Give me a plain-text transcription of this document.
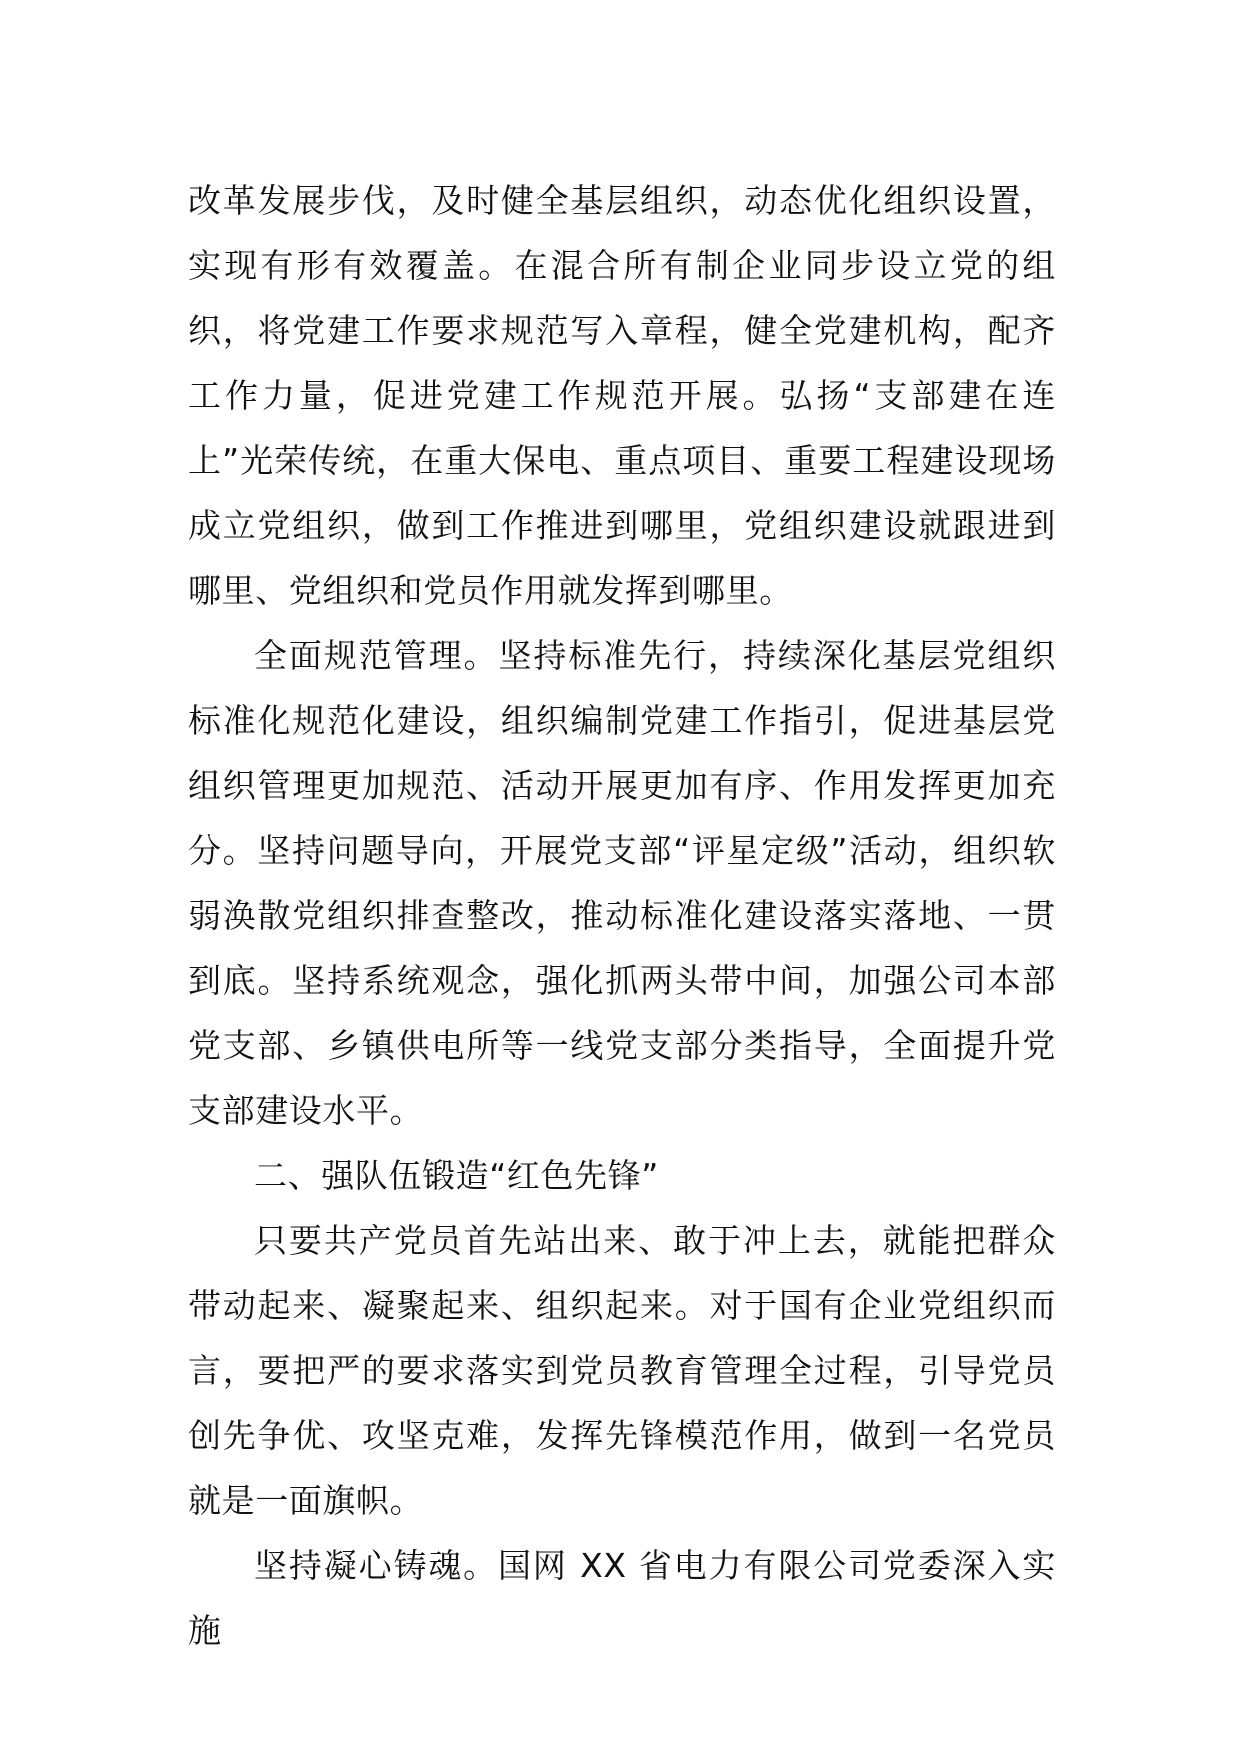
改革发展步伐，及时健全基层组织，动态优化组织设置，实现有形有效覆盖。在混合所有制企业同步设立党的组织，将党建工作要求规范写入章程，健全党建机构，配齐工作力量，促进党建工作规范开展。弘扬“支部建在连上”光荣传统，在重大保电、重点项目、重要工程建设现场成立党组织，做到工作推进到哪里，党组织建设就跟进到哪里、党组织和党员作用就发挥到哪里。

全面规范管理。坚持标准先行，持续深化基层党组织标准化规范化建设，组织编制党建工作指引，促进基层党组织管理更加规范、活动开展更加有序、作用发挥更加充分。坚持问题导向，开展党支部“评星定级”活动，组织软弱涣散党组织排查整改，推动标准化建设落实落地、一贯到底。坚持系统观念，强化抓两头带中间，加强公司本部党支部、乡镇供电所等一线党支部分类指导，全面提升党支部建设水平。

二、强队伍锻造“红色先锋”

只要共产党员首先站出来、敢于冲上去，就能把群众带动起来、凝聚起来、组织起来。对于国有企业党组织而言，要把严的要求落实到党员教育管理全过程，引导党员创先争优、攻坚克难，发挥先锋模范作用，做到一名党员就是一面旗帜。

坚持凝心铸魂。国网 XX 省电力有限公司党委深入实施
